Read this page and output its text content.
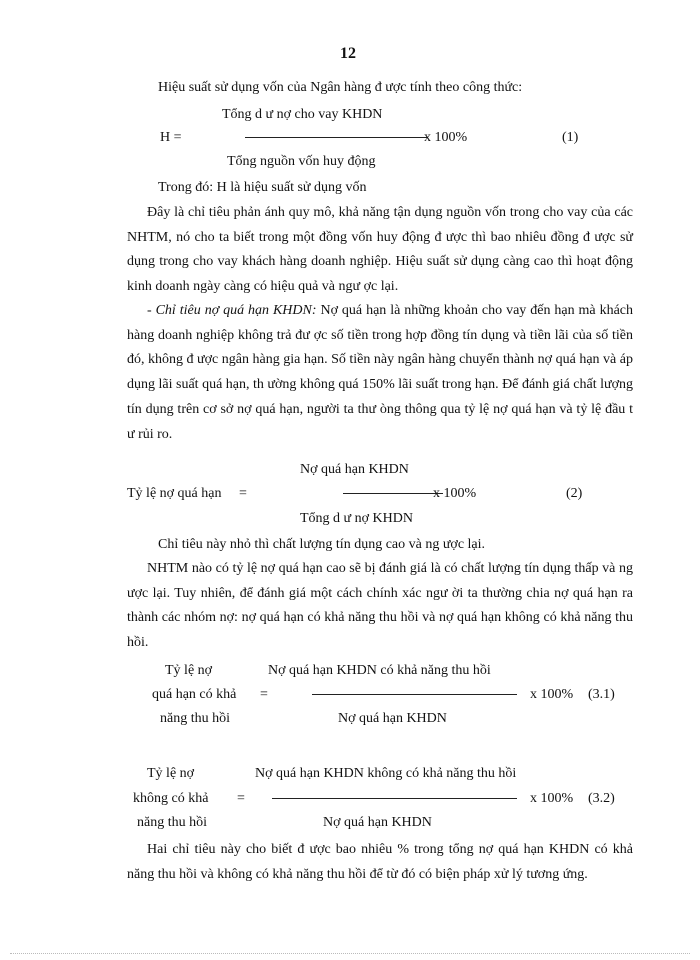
12
Hiệu suất sử dụng vốn của Ngân hàng đ ược tính theo công thức:
Tổng d ư nợ cho vay KHDN
H =	x 100%	(1)
Tổng nguồn vốn huy động
Trong đó: H là hiệu suất sử dụng vốn
Đây là chỉ tiêu phản ánh quy mô, khả năng tận dụng nguồn vốn trong cho vay của các NHTM, nó cho ta biết trong một đồng vốn huy động đ ược thì bao nhiêu đồng đ ược sử dụng trong cho vay khách hàng doanh nghiệp. Hiệu suất sử dụng càng cao thì hoạt động kinh doanh ngày càng có hiệu quả và ngư ợc lại.
- Chỉ tiêu nợ quá hạn KHDN: Nợ quá hạn là những khoản cho vay đến hạn mà khách hàng doanh nghiệp không trả đư ợc số tiền trong hợp đồng tín dụng và tiền lãi của số tiền đó, không đ ược ngân hàng gia hạn. Số tiền này ngân hàng chuyển thành nợ quá hạn và áp dụng lãi suất quá hạn, th ường không quá 150% lãi suất trong hạn. Để đánh giá chất lượng tín dụng trên cơ sở nợ quá hạn, người ta thư òng thông qua tỷ lệ nợ quá hạn và tỷ lệ đầu t ư rủi ro.
Nợ quá hạn KHDN
Tỷ lệ nợ quá hạn     =	x 100%	(2)
Tổng d ư nợ KHDN
Chỉ tiêu này nhỏ thì chất lượng tín dụng cao và ng ược lại.
NHTM nào có tỷ lệ nợ quá hạn cao sẽ bị đánh giá là có chất lượng tín dụng thấp và ng ược lại. Tuy nhiên, để đánh giá một cách chính xác ngư ời ta thường chia nợ quá hạn ra thành các nhóm nợ: nợ quá hạn có khả năng thu hồi và nợ quá hạn không có khả năng thu hồi.
Tỷ lệ nợ	Nợ quá hạn KHDN có khả năng thu hồi
quá hạn có khả =	x 100% (3.1)
năng thu hồi	Nợ quá hạn KHDN
Tỷ lệ nợ	Nợ quá hạn KHDN không có khả năng thu hồi
không có khả =	x 100% (3.2)
năng thu hồi	Nợ quá hạn KHDN
Hai chỉ tiêu này cho biết đ ược bao nhiêu % trong tổng nợ quá hạn KHDN có khả năng thu hồi và không có khả năng thu hồi để từ đó có biện pháp xử lý tương ứng.
